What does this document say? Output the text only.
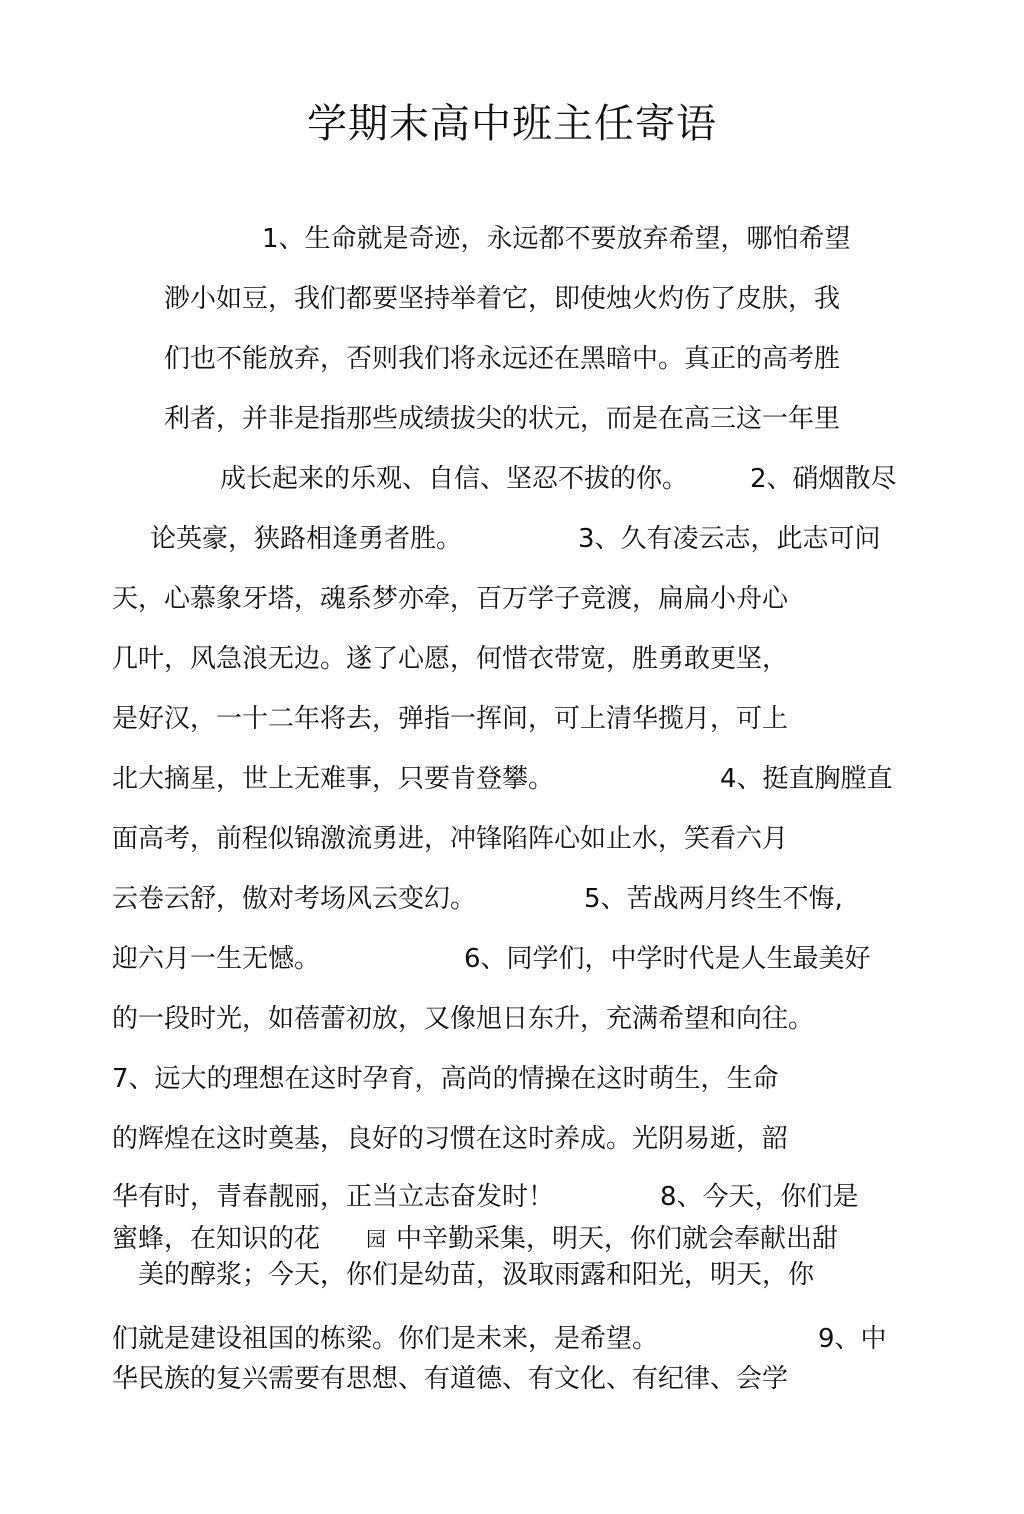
学期末高中班主任寄语
1、生命就是奇迹，永远都不要放弃希望，哪怕希望
渺小如豆，我们都要坚持举着它，即使烛火灼伤了皮肤，我
们也不能放弃，否则我们将永远还在黑暗中。真正的高考胜
利者，并非是指那些成绩拔尖的状元，而是在高三这一年里
成长起来的乐观、自信、坚忍不拔的你。 2、硝烟散尽
论英豪，狭路相逢勇者胜。	3、久有凌云志，此志可问
天，心慕象牙塔，魂系梦亦牵，百万学子竞渡，扁扁小舟心
几叶，风急浪无边。遂了心愿，何惜衣带宽，胜勇敢更坚，
是好汉，一十二年将去，弹指一挥间，可上清华揽月，可上
北大摘星，世上无难事，只要肯登攀。	4、挺直胸膛直
面高考，前程似锦激流勇进，冲锋陷阵心如止水，笑看六月
云卷云舒，傲对考场风云变幻。	5、苦战两月终生不悔,
迎六月一生无憾。	6、同学们，中学时代是人生最美好
的一段时光，如蓓蕾初放，又像旭日东升，充满希望和向往。
7、远大的理想在这时孕育，高尚的情操在这时萌生，生命
的辉煌在这时奠基，良好的习惯在这时养成。光阴易逝，韶
华有时，青春靓丽，正当立志奋发时！	8、今天，你们是
蜜蜂，在知识的花 园 中辛勤采集，明天，你们就会奉献出甜
美的醇浆；今天，你们是幼苗，汲取雨露和阳光，明天，你
们就是建设祖国的栋梁。你们是未来，是希望。	9、中
华民族的复兴需要有思想、有道德、有文化、有纪律、会学
